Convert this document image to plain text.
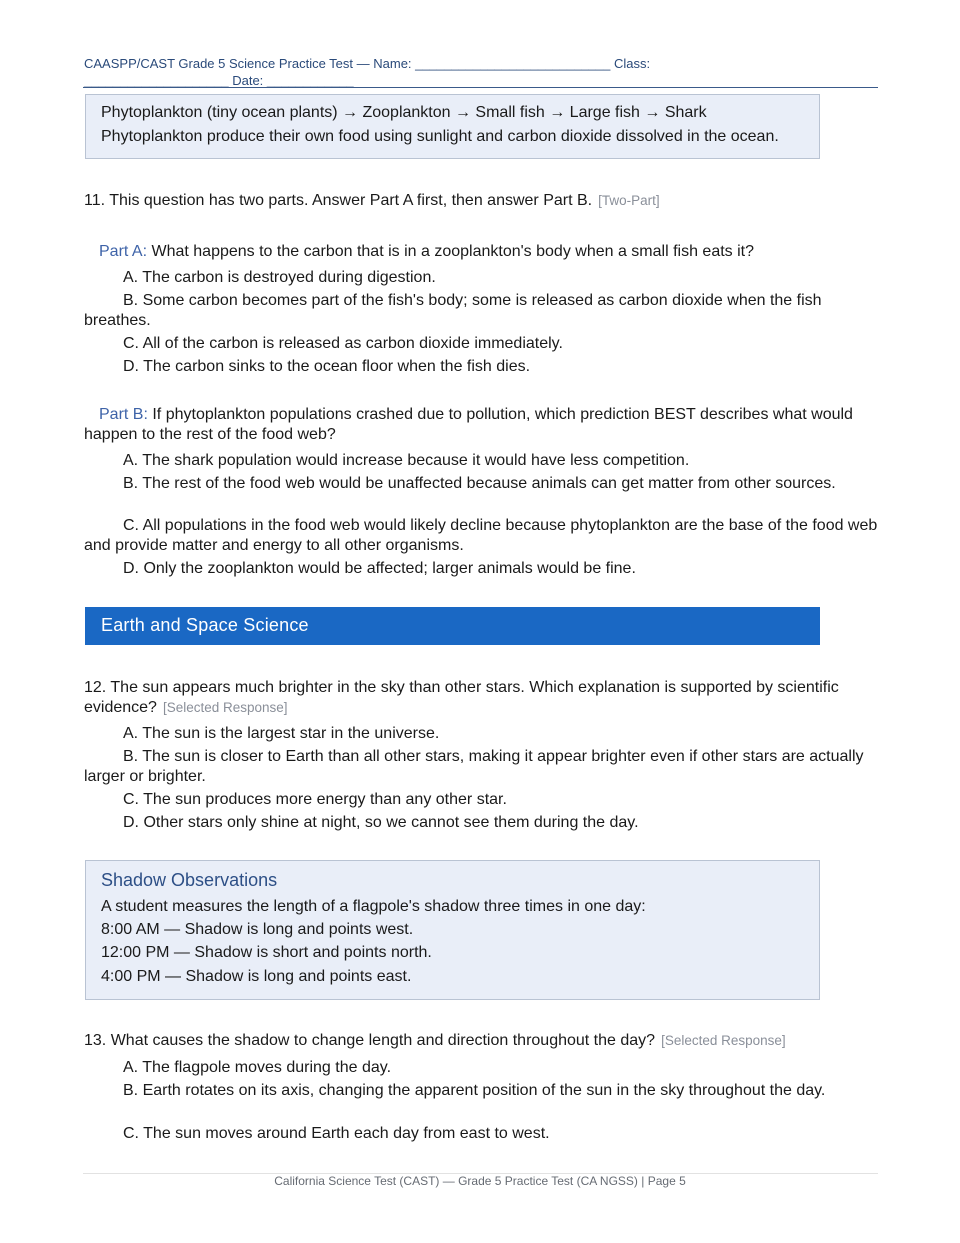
CAASPP/CAST Grade 5 Science Practice Test — Name: ___________________________ Class:
____________________ Date: ____________
Phytoplankton (tiny ocean plants) → Zooplankton → Small fish → Large fish → Shark
Phytoplankton produce their own food using sunlight and carbon dioxide dissolved in the ocean.
11. This question has two parts. Answer Part A first, then answer Part B. [Two-Part]
Part A: What happens to the carbon that is in a zooplankton's body when a small fish eats it?
A. The carbon is destroyed during digestion.
B. Some carbon becomes part of the fish's body; some is released as carbon dioxide when the fish breathes.
C. All of the carbon is released as carbon dioxide immediately.
D. The carbon sinks to the ocean floor when the fish dies.
Part B: If phytoplankton populations crashed due to pollution, which prediction BEST describes what would happen to the rest of the food web?
A. The shark population would increase because it would have less competition.
B. The rest of the food web would be unaffected because animals can get matter from other sources.
C. All populations in the food web would likely decline because phytoplankton are the base of the food web and provide matter and energy to all other organisms.
D. Only the zooplankton would be affected; larger animals would be fine.
Earth and Space Science
12. The sun appears much brighter in the sky than other stars. Which explanation is supported by scientific evidence? [Selected Response]
A. The sun is the largest star in the universe.
B. The sun is closer to Earth than all other stars, making it appear brighter even if other stars are actually larger or brighter.
C. The sun produces more energy than any other star.
D. Other stars only shine at night, so we cannot see them during the day.
Shadow Observations
A student measures the length of a flagpole's shadow three times in one day:
8:00 AM — Shadow is long and points west.
12:00 PM — Shadow is short and points north.
4:00 PM — Shadow is long and points east.
13. What causes the shadow to change length and direction throughout the day? [Selected Response]
A. The flagpole moves during the day.
B. Earth rotates on its axis, changing the apparent position of the sun in the sky throughout the day.
C. The sun moves around Earth each day from east to west.
California Science Test (CAST) — Grade 5 Practice Test (CA NGSS) | Page 5
